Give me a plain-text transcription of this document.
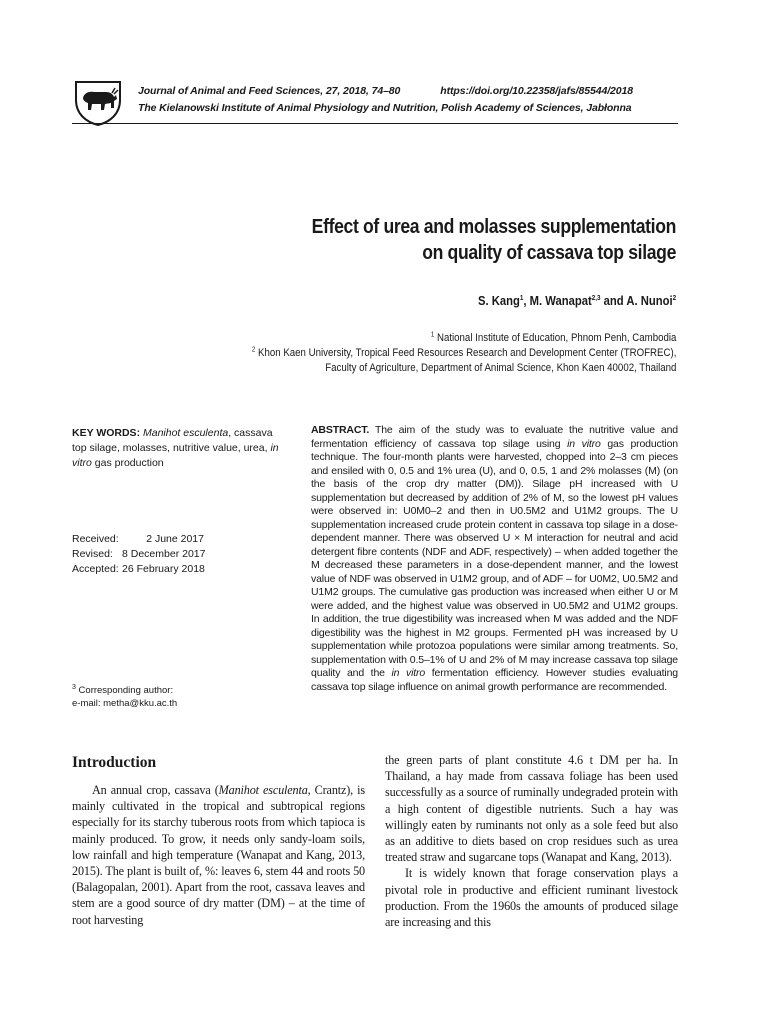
Journal of Animal and Feed Sciences, 27, 2018, 74–80	https://doi.org/10.22358/jafs/85544/2018
The Kielanowski Institute of Animal Physiology and Nutrition, Polish Academy of Sciences, Jabłonna
Effect of urea and molasses supplementation
on quality of cassava top silage
S. Kang$^1$, M. Wanapat$^{2,3}$ and A. Nunoi$^2$
$^1$ National Institute of Education, Phnom Penh, Cambodia
$^2$ Khon Kaen University, Tropical Feed Resources Research and Development Center (TROFREC),
Faculty of Agriculture, Department of Animal Science, Khon Kaen 40002, Thailand
KEY WORDS: Manihot esculenta, cassava top silage, molasses, nutritive value, urea, in vitro gas production
Received:	2 June 2017
Revised: 8 December 2017
Accepted: 26 February 2018
$^3$ Corresponding author:
e-mail: metha@kku.ac.th
ABSTRACT. The aim of the study was to evaluate the nutritive value and fermentation efficiency of cassava top silage using in vitro gas production technique. The four-month plants were harvested, chopped into 2–3 cm pieces and ensiled with 0, 0.5 and 1% urea (U), and 0, 0.5, 1 and 2% molasses (M) (on the basis of the crop dry matter (DM)). Silage pH increased with U supplementation but decreased by addition of 2% of M, so the lowest pH values were observed in: U0M0–2 and then in U0.5M2 and U1M2 groups. The U supplementation increased crude protein content in cassava top silage in a dose-dependent manner. There was observed U × M interaction for neutral and acid detergent fibre contents (NDF and ADF, respectively) – when added together the M decreased these parameters in a dose-dependent manner, and the lowest value of NDF was observed in U1M2 group, and of ADF – for U0M2, U0.5M2 and U1M2 groups. The cumulative gas production was increased when either U or M were added, and the highest value was observed in U0.5M2 and U1M2 groups. In addition, the true digestibility was increased when M was added and the NDF digestibility was the highest in M2 groups. Fermented pH was increased by U supplementation while protozoa populations were similar among treatments. So, supplementation with 0.5–1% of U and 2% of M may increase cassava top silage quality and the in vitro fermentation efficiency. However studies evaluating cassava top silage influence on animal growth performance are recommended.
Introduction

An annual crop, cassava (Manihot esculenta, Crantz), is mainly cultivated in the tropical and subtropical regions especially for its starchy tuberous roots from which tapioca is mainly produced. To grow, it needs only sandy-loam soils, low rainfall and high temperature (Wanapat and Kang, 2013, 2015). The plant is built of, %: leaves 6, stem 44 and roots 50 (Balagopalan, 2001). Apart from the root, cassava leaves and stem are a good source of dry matter (DM) – at the time of root harvesting

the green parts of plant constitute 4.6 t DM per ha. In Thailand, a hay made from cassava foliage has been used successfully as a source of ruminally undegraded protein with a high content of digestible nutrients. Such a hay was willingly eaten by ruminants not only as a sole feed but also as an additive to diets based on crop residues such as urea treated straw and sugarcane tops (Wanapat and Kang, 2013).

It is widely known that forage conservation plays a pivotal role in productive and efficient ruminant livestock production. From the 1960s the amounts of produced silage are increasing and this
